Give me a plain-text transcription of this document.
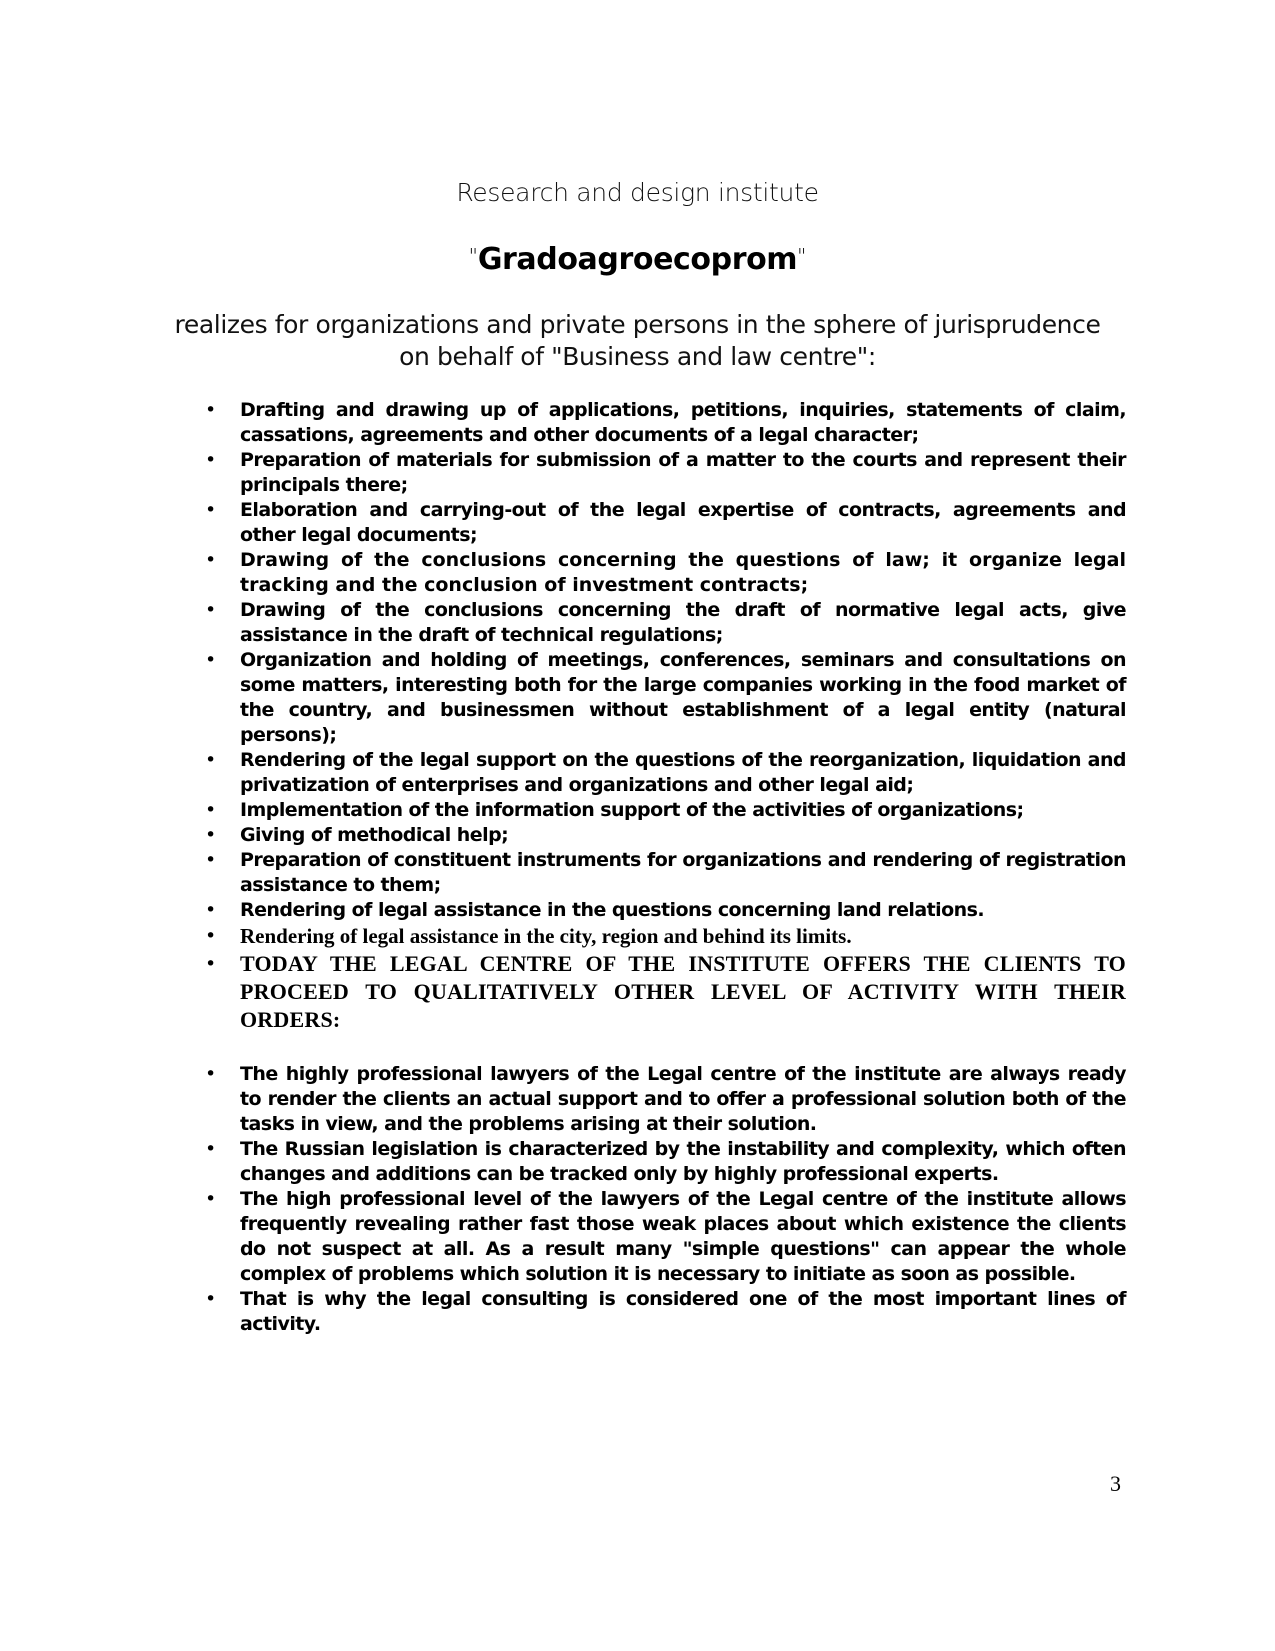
Research and design institute
"Gradoagroecoprom"
realizes for organizations and private persons in the sphere of jurisprudence
on behalf of "Business and law centre":
• Drafting and drawing up of applications, petitions, inquiries, statements of claim, cassations, agreements and other documents of a legal character;
• Preparation of materials for submission of a matter to the courts and represent their principals there;
• Elaboration and carrying-out of the legal expertise of contracts, agreements and other legal documents;
• Drawing of the conclusions concerning the questions of law; it organize legal tracking and the conclusion of investment contracts;
• Drawing of the conclusions concerning the draft of normative legal acts, give assistance in the draft of technical regulations;
• Organization and holding of meetings, conferences, seminars and consultations on some matters, interesting both for the large companies working in the food market of the country, and businessmen without establishment of a legal entity (natural persons);
• Rendering of the legal support on the questions of the reorganization, liquidation and privatization of enterprises and organizations and other legal aid;
• Implementation of the information support of the activities of organizations;
• Giving of methodical help;
• Preparation of constituent instruments for organizations and rendering of registration assistance to them;
• Rendering of legal assistance in the questions concerning land relations.
• Rendering of legal assistance in the city, region and behind its limits.
• TODAY THE LEGAL CENTRE OF THE INSTITUTE OFFERS THE CLIENTS TO PROCEED TO QUALITATIVELY OTHER LEVEL OF ACTIVITY WITH THEIR ORDERS:
• The highly professional lawyers of the Legal centre of the institute are always ready to render the clients an actual support and to offer a professional solution both of the tasks in view, and the problems arising at their solution.
• The Russian legislation is characterized by the instability and complexity, which often changes and additions can be tracked only by highly professional experts.
• The high professional level of the lawyers of the Legal centre of the institute allows frequently revealing rather fast those weak places about which existence the clients do not suspect at all. As a result many "simple questions" can appear the whole complex of problems which solution it is necessary to initiate as soon as possible.
• That is why the legal consulting is considered one of the most important lines of activity.
3
